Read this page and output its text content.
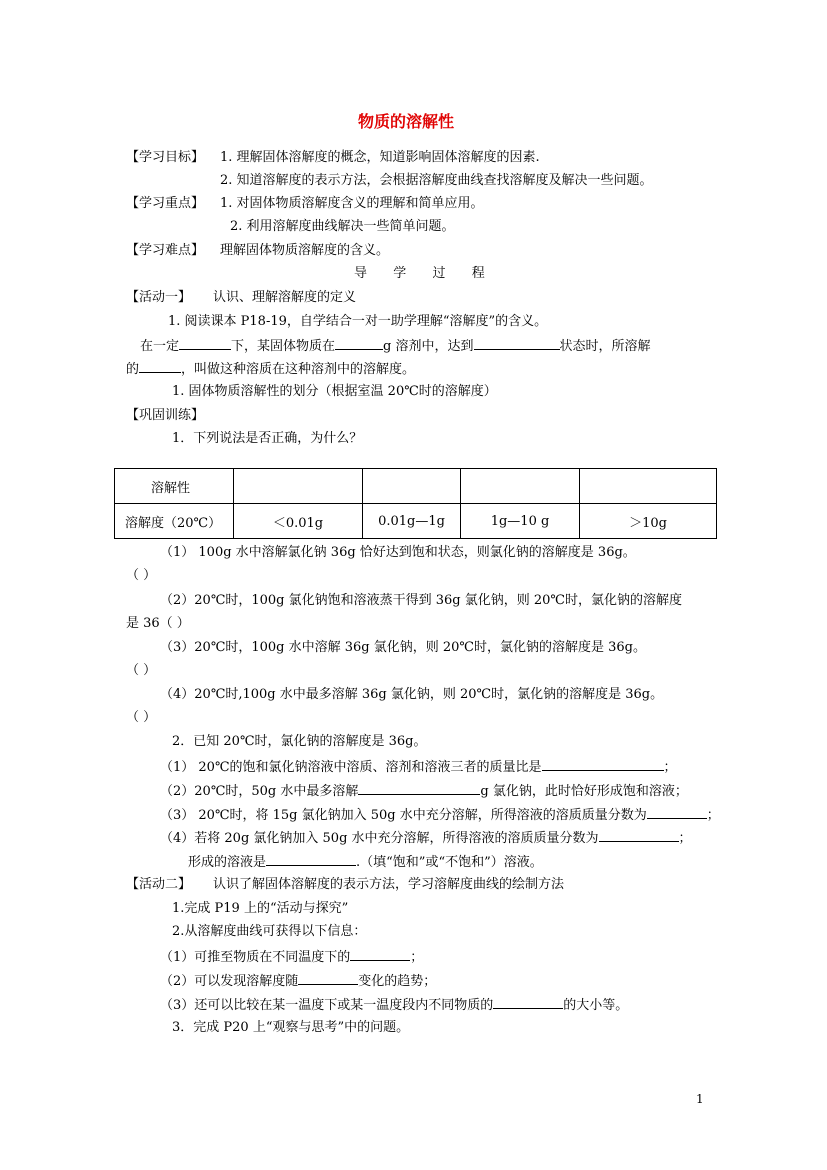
物质的溶解性
【学习目标】 1. 理解固体溶解度的概念，知道影响固体溶解度的因素.
2. 知道溶解度的表示方法，会根据溶解度曲线查找溶解度及解决一些问题。
【学习重点】 1. 对固体物质溶解度含义的理解和简单应用。
2. 利用溶解度曲线解决一些简单问题。
【学习难点】 理解固体物质溶解度的含义。
导  学  过  程
【活动一】 认识、理解溶解度的定义
1. 阅读课本 P18-19，自学结合一对一助学理解“溶解度”的含义。
在一定	下，某固体物质在	g 溶剂中，达到	状态时，所溶解
的	，叫做这种溶质在这种溶剂中的溶解度。
1. 固体物质溶解性的划分（根据室温 20℃时的溶解度）
【巩固训练】
1．下列说法是否正确，为什么？
溶解性				
溶解度（20℃）	＜0.01g	0.01g—1g	1g—10 g	＞10g
（1） 100g 水中溶解氯化钠 36g 恰好达到饱和状态，则氯化钠的溶解度是 36g。
（ ）
（2）20℃时，100g 氯化钠饱和溶液蒸干得到 36g 氯化钠，则 20℃时，氯化钠的溶解度
是 36（ ）
（3）20℃时，100g 水中溶解 36g 氯化钠，则 20℃时，氯化钠的溶解度是 36g。
（ ）
（4）20℃时,100g 水中最多溶解 36g 氯化钠，则 20℃时，氯化钠的溶解度是 36g。
（ ）
2．已知 20℃时，氯化钠的溶解度是 36g。
（1） 20℃的饱和氯化钠溶液中溶质、溶剂和溶液三者的质量比是	；
（2）20℃时，50g 水中最多溶解	g 氯化钠，此时恰好形成饱和溶液；
（3） 20℃时，将 15g 氯化钠加入 50g 水中充分溶解，所得溶液的溶质质量分数为	；
（4）若将 20g 氯化钠加入 50g 水中充分溶解，所得溶液的溶质质量分数为	；
形成的溶液是	.（填“饱和”或“不饱和”）溶液。
【活动二】 认识了解固体溶解度的表示方法，学习溶解度曲线的绘制方法
1.完成 P19 上的“活动与探究”
2.从溶解度曲线可获得以下信息：
（1）可推至物质在不同温度下的	；
（2）可以发现溶解度随	变化的趋势；
（3）还可以比较在某一温度下或某一温度段内不同物质的	的大小等。
3．完成 P20 上“观察与思考”中的问题。
1
